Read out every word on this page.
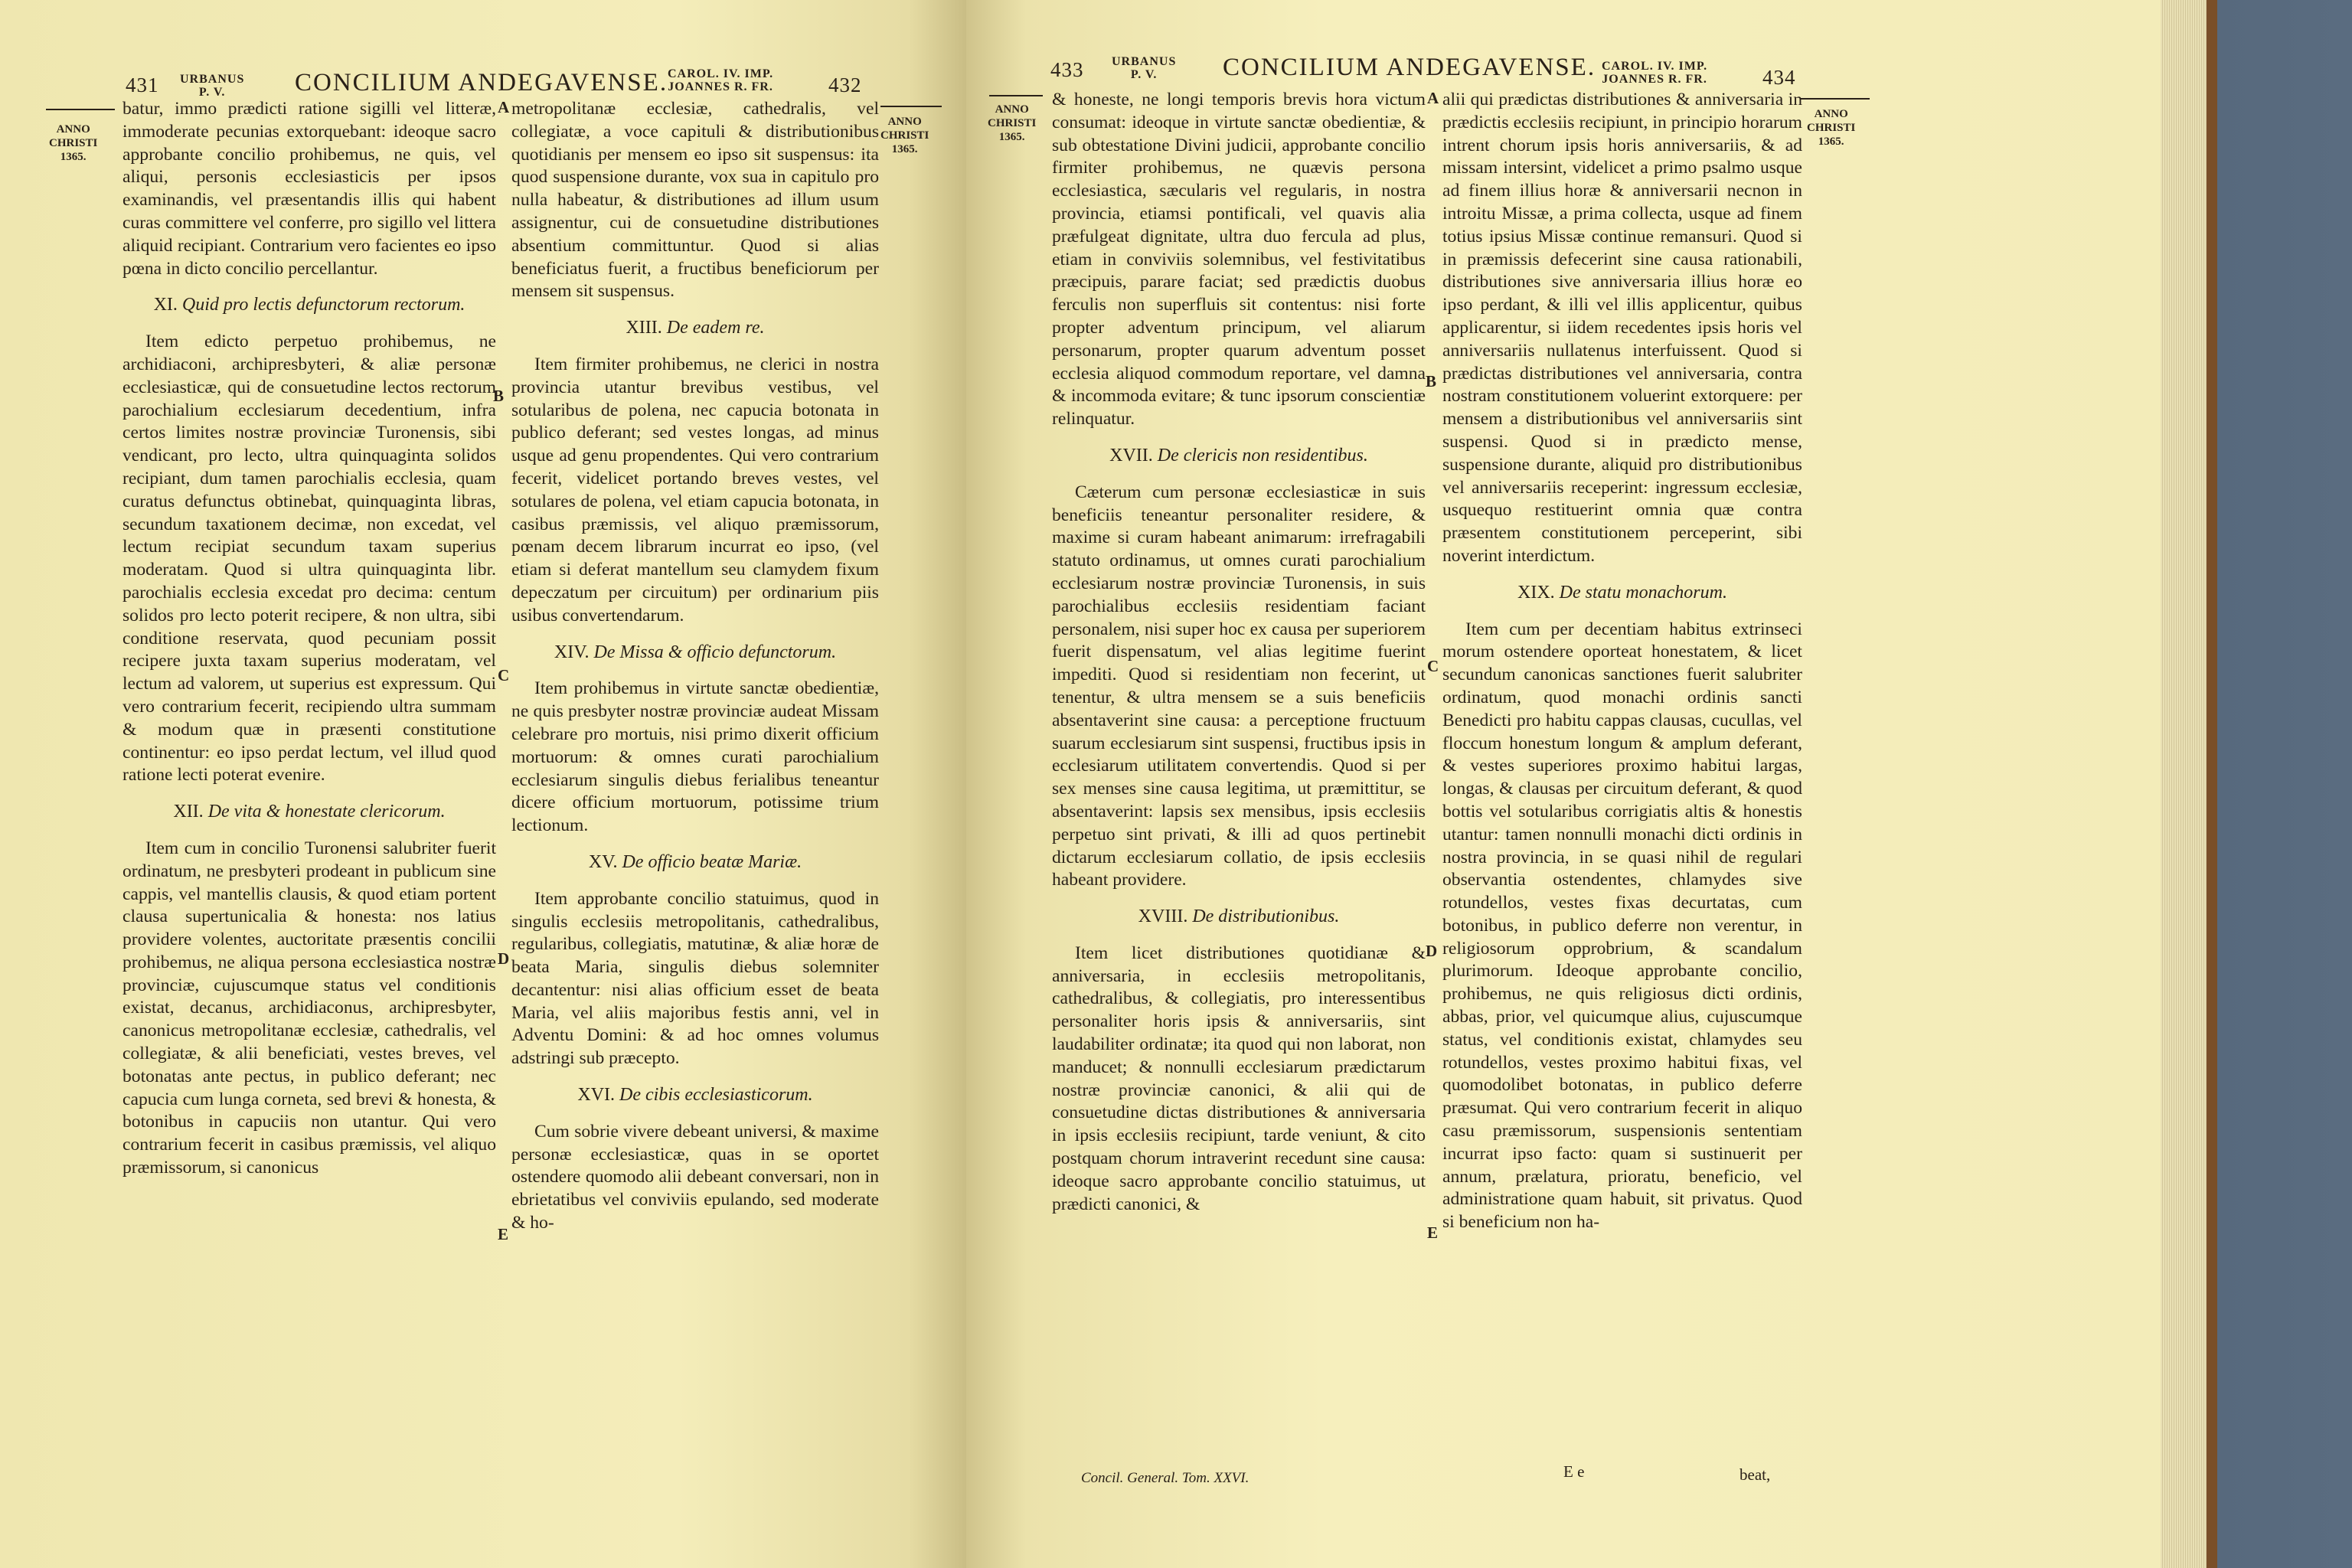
431 URBANUS
P. V.	CONCILIUM ANDEGAVENSE. CAROL. IV. IMP.
JOANNES R. FR.	432
ANNO
CHRISTI
1365.
ANNO
CHRISTI
1365.

batur, immo prædicti ratione sigilli vel litteræ, immoderate pecunias extorquebant: ideoque sacro approbante concilio prohibemus, ne quis, vel aliqui, personis ecclesiasticis per ipsos examinandis, vel præsentandis illis qui habent curas committere vel conferre, pro sigillo vel littera aliquid recipiant. Contrarium vero facientes eo ipso pœna in dicto concilio percellantur.

XI. Quid pro lectis defunctorum rectorum.

Item edicto perpetuo prohibemus, ne archidiaconi, archipresbyteri, & aliæ personæ ecclesiasticæ, qui de consuetudine lectos rectorum parochialium ecclesiarum decedentium, infra certos limites nostræ provinciæ Turonensis, sibi vendicant, pro lecto, ultra quinquaginta solidos recipiant, dum tamen parochialis ecclesia, quam curatus defunctus obtinebat, quinquaginta libras, secundum taxationem decimæ, non excedat, vel lectum recipiat secundum taxam superius moderatam. Quod si ultra quinquaginta libr. parochialis ecclesia excedat pro decima: centum solidos pro lecto poterit recipere, & non ultra, sibi conditione reservata, quod pecuniam possit recipere juxta taxam superius moderatam, vel lectum ad valorem, ut superius est expressum. Qui vero contrarium fecerit, recipiendo ultra summam & modum quæ in præsenti constitutione continentur: eo ipso perdat lectum, vel illud quod ratione lecti poterat evenire.

XII. De vita & honestate clericorum.

Item cum in concilio Turonensi salubriter fuerit ordinatum, ne presbyteri prodeant in publicum sine cappis, vel mantellis clausis, & quod etiam portent clausa supertunicalia & honesta: nos latius providere volentes, auctoritate præsentis concilii prohibemus, ne aliqua persona ecclesiastica nostræ provinciæ, cujuscumque status vel conditionis existat, decanus, archidiaconus, archipresbyter, canonicus metropolitanæ ecclesiæ, cathedralis, vel collegiatæ, & alii beneficiati, vestes breves, vel botonatas ante pectus, in publico deferant; nec capucia cum lunga corneta, sed brevi & honesta, & botonibus in capuciis non utantur. Qui vero contrarium fecerit in casibus præmissis, vel aliquo præmissorum, si canonicus

metropolitanæ ecclesiæ, cathedralis, vel collegiatæ, a voce capituli & distributionibus quotidianis per mensem eo ipso sit suspensus: ita quod suspensione durante, vox sua in capitulo pro nulla habeatur, & distributiones ad illum usum assignentur, cui de consuetudine distributiones absentium committuntur. Quod si alias beneficiatus fuerit, a fructibus beneficiorum per mensem sit suspensus.

XIII. De eadem re.

Item firmiter prohibemus, ne clerici in nostra provincia utantur brevibus vestibus, vel sotularibus de polena, nec capucia botonata in publico deferant; sed vestes longas, ad minus usque ad genu propendentes. Qui vero contrarium fecerit, videlicet portando breves vestes, vel sotulares de polena, vel etiam capucia botonata, in casibus præmissis, vel aliquo præmissorum, pœnam decem librarum incurrat eo ipso, (vel etiam si deferat mantellum seu clamydem fixum depeczatum per circuitum) per ordinarium piis usibus convertendarum.

XIV. De Missa & officio defunctorum.

Item prohibemus in virtute sanctæ obedientiæ, ne quis presbyter nostræ provinciæ audeat Missam celebrare pro mortuis, nisi primo dixerit officium mortuorum: & omnes curati parochialium ecclesiarum singulis diebus ferialibus teneantur dicere officium mortuorum, potissime trium lectionum.

XV. De officio beatæ Mariæ.

Item approbante concilio statuimus, quod in singulis ecclesiis metropolitanis, cathedralibus, regularibus, collegiatis, matutinæ, & aliæ horæ de beata Maria, singulis diebus solemniter decantentur: nisi alias officium esset de beata Maria, vel aliis majoribus festis anni, vel in Adventu Domini: & ad hoc omnes volumus adstringi sub præcepto.

XVI. De cibis ecclesiasticorum.

Cum sobrie vivere debeant universi, & maxime personæ ecclesiasticæ, quas in se oportet ostendere quomodo alii debeant conversari, non in ebrietatibus vel conviviis epulando, sed moderate & ho-

A
B
C
D
E
433 URBANUS
P. V.	CONCILIUM ANDEGAVENSE. CAROL. IV. IMP.
JOANNES R. FR.	434
ANNO
CHRISTI
1365.
ANNO
CHRISTI
1365.

& honeste, ne longi temporis brevis hora victum consumat: ideoque in virtute sanctæ obedientiæ, & sub obtestatione Divini judicii, approbante concilio firmiter prohibemus, ne quævis persona ecclesiastica, sæcularis vel regularis, in nostra provincia, etiamsi pontificali, vel quavis alia præfulgeat dignitate, ultra duo fercula ad plus, etiam in conviviis solemnibus, vel festivitatibus præcipuis, parare faciat; sed prædictis duobus ferculis non superfluis sit contentus: nisi forte propter adventum principum, vel aliarum personarum, propter quarum adventum posset ecclesia aliquod commodum reportare, vel damna & incommoda evitare; & tunc ipsorum conscientiæ relinquatur.

XVII. De clericis non residentibus.

Cæterum cum personæ ecclesiasticæ in suis beneficiis teneantur personaliter residere, & maxime si curam habeant animarum: irrefragabili statuto ordinamus, ut omnes curati parochialium ecclesiarum nostræ provinciæ Turonensis, in suis parochialibus ecclesiis residentiam faciant personalem, nisi super hoc ex causa per superiorem fuerit dispensatum, vel alias legitime fuerint impediti. Quod si residentiam non fecerint, ut tenentur, & ultra mensem se a suis beneficiis absentaverint sine causa: a perceptione fructuum suarum ecclesiarum sint suspensi, fructibus ipsis in ecclesiarum utilitatem convertendis. Quod si per sex menses sine causa legitima, ut præmittitur, se absentaverint: lapsis sex mensibus, ipsis ecclesiis perpetuo sint privati, & illi ad quos pertinebit dictarum ecclesiarum collatio, de ipsis ecclesiis habeant providere.

XVIII. De distributionibus.

Item licet distributiones quotidianæ & anniversaria, in ecclesiis metropolitanis, cathedralibus, & collegiatis, pro interessentibus personaliter horis ipsis & anniversariis, sint laudabiliter ordinatæ; ita quod qui non laborat, non manducet; & nonnulli ecclesiarum prædictarum nostræ provinciæ canonici, & alii qui de consuetudine dictas distributiones & anniversaria in ipsis ecclesiis recipiunt, tarde veniunt, & cito postquam chorum intraverint recedunt sine causa: ideoque sacro approbante concilio statuimus, ut prædicti canonici, &

alii qui prædictas distributiones & anniversaria in prædictis ecclesiis recipiunt, in principio horarum intrent chorum ipsis horis anniversariis, & ad missam intersint, videlicet a primo psalmo usque ad finem illius horæ & anniversarii necnon in introitu Missæ, a prima collecta, usque ad finem totius ipsius Missæ continue remansuri. Quod si in præmissis defecerint sine causa rationabili, distributiones sive anniversaria illius horæ eo ipso perdant, & illi vel illis applicentur, quibus applicarentur, si iidem recedentes ipsis horis vel anniversariis nullatenus interfuissent. Quod si prædictas distributiones vel anniversaria, contra nostram constitutionem voluerint extorquere: per mensem a distributionibus vel anniversariis sint suspensi. Quod si in prædicto mense, suspensione durante, aliquid pro distributionibus vel anniversariis receperint: ingressum ecclesiæ, usquequo restituerint omnia quæ contra præsentem constitutionem perceperint, sibi noverint interdictum.

XIX. De statu monachorum.

Item cum per decentiam habitus extrinseci morum ostendere oporteat honestatem, & licet secundum canonicas sanctiones fuerit salubriter ordinatum, quod monachi ordinis sancti Benedicti pro habitu cappas clausas, cucullas, vel floccum honestum longum & amplum deferant, & vestes superiores proximo habitui largas, longas, & clausas per circuitum deferant, & quod bottis vel sotularibus corrigiatis altis & honestis utantur: tamen nonnulli monachi dicti ordinis in nostra provincia, in se quasi nihil de regulari observantia ostendentes, chlamydes sive rotundellos, vestes fixas decurtatas, cum botonibus, in publico deferre non verentur, in religiosorum opprobrium, & scandalum plurimorum. Ideoque approbante concilio, prohibemus, ne quis religiosus dicti ordinis, abbas, prior, vel quicumque alius, cujuscumque status, vel conditionis existat, chlamydes seu rotundellos, vestes proximo habitui fixas, vel quomodolibet botonatas, in publico deferre præsumat. Qui vero contrarium fecerit in aliquo casu præmissorum, suspensionis sententiam incurrat ipso facto: quam si sustinuerit per annum, prælatura, prioratu, beneficio, vel administratione quam habuit, sit privatus. Quod si beneficium non ha-

A
B
C
D
E
Concil. General. Tom. XXVI.	E e	beat,
